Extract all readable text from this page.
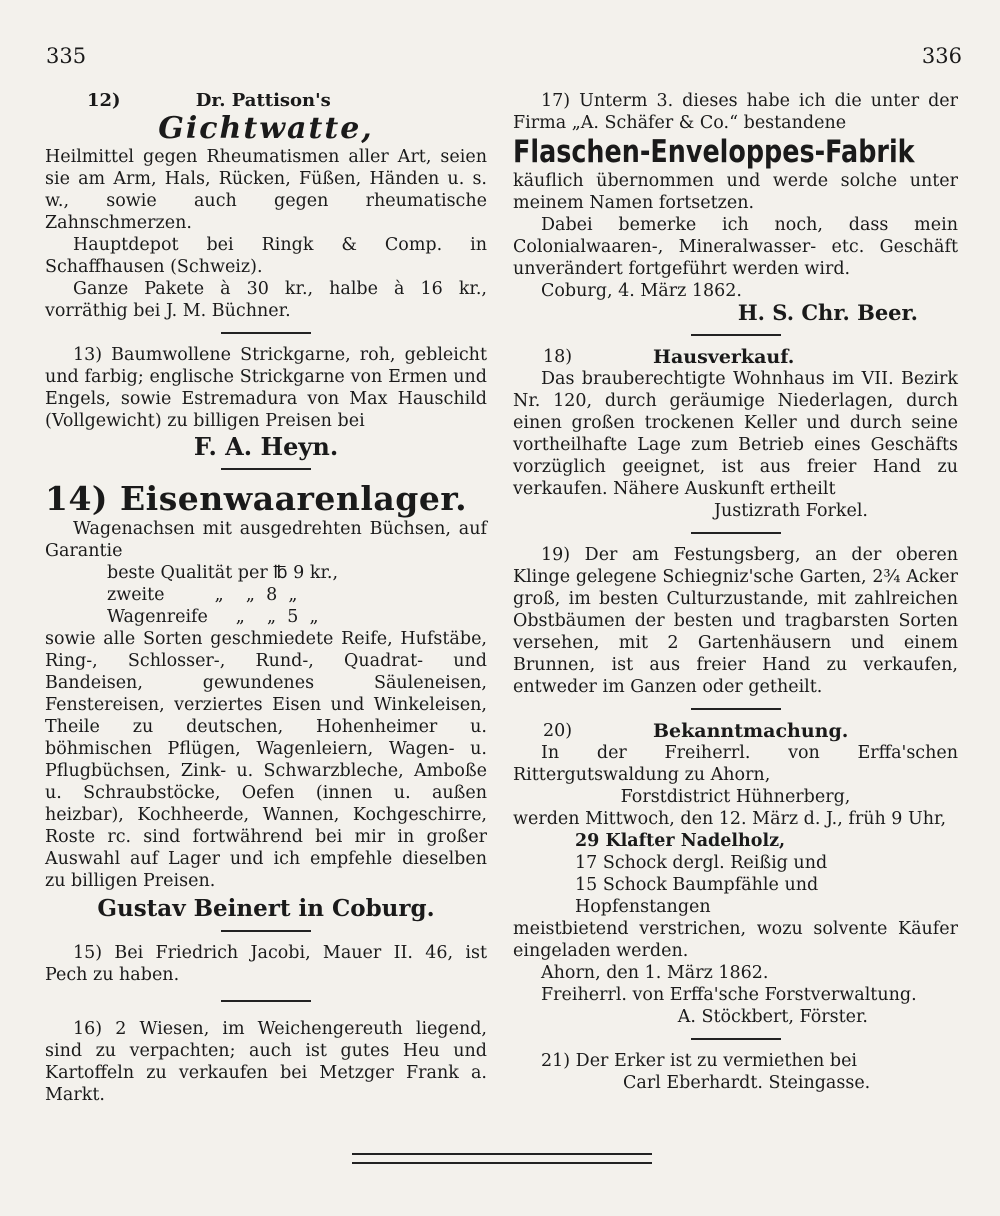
335	336
12)            Dr. Pattison's
Gichtwatte,
Heilmittel gegen Rheumatismen aller Art, seien sie am Arm, Hals, Rücken, Füßen, Händen u. s. w., sowie auch gegen rheumatische Zahnschmerzen.
Hauptdepot bei Ringk & Comp. in Schaffhausen (Schweiz).
Ganze Pakete à 30 kr., halbe à 16 kr., vorräthig bei J. M. Büchner.
13) Baumwollene Strickgarne, roh, gebleicht und farbig; englische Strickgarne von Ermen und Engels, sowie Estremadura von Max Hauschild (Vollgewicht) zu billigen Preisen bei
F. A. Heyn.
14) Eisenwaarenlager.
Wagenachsen mit ausgedrehten Büchsen, auf Garantie
beste Qualität per ℔ 9 kr.,
zweite         „    „  8  „
Wagenreife     „    „  5  „
sowie alle Sorten geschmiedete Reife, Hufstäbe, Ring-, Schlosser-, Rund-, Quadrat- und Bandeisen, gewundenes Säuleneisen, Fenstereisen, verziertes Eisen und Winkeleisen, Theile zu deutschen, Hohenheimer u. böhmischen Pflügen, Wagenleiern, Wagen- u. Pflugbüchsen, Zink- u. Schwarzbleche, Amboße u. Schraubstöcke, Oefen (innen u. außen heizbar), Kochheerde, Wannen, Kochgeschirre, Roste rc. sind fortwährend bei mir in großer Auswahl auf Lager und ich empfehle dieselben zu billigen Preisen.
Gustav Beinert in Coburg.
15) Bei Friedrich Jacobi, Mauer II. 46, ist Pech zu haben.
16) 2 Wiesen, im Weichengereuth liegend, sind zu verpachten; auch ist gutes Heu und Kartoffeln zu verkaufen bei Metzger Frank a. Markt.
17) Unterm 3. dieses habe ich die unter der Firma „A. Schäfer & Co.“ bestandene
Flaschen-Enveloppes-Fabrik
käuflich übernommen und werde solche unter meinem Namen fortsetzen.
Dabei bemerke ich noch, dass mein Colonialwaaren-, Mineralwasser- etc. Geschäft unverändert fortgeführt werden wird.
Coburg, 4. März 1862.
H. S. Chr. Beer.
18)	Hausverkauf.
Das brauberechtigte Wohnhaus im VII. Bezirk Nr. 120, durch geräumige Niederlagen, durch einen großen trockenen Keller und durch seine vortheilhafte Lage zum Betrieb eines Geschäfts vorzüglich geeignet, ist aus freier Hand zu verkaufen. Nähere Auskunft ertheilt
Justizrath Forkel.
19) Der am Festungsberg, an der oberen Klinge gelegene Schiegniz'sche Garten, 2¾ Acker groß, im besten Culturzustande, mit zahlreichen Obstbäumen der besten und tragbarsten Sorten versehen, mit 2 Gartenhäusern und einem Brunnen, ist aus freier Hand zu verkaufen, entweder im Ganzen oder getheilt.
20)	Bekanntmachung.
In der Freiherrl. von Erffa'schen Rittergutswaldung zu Ahorn,
Forstdistrict Hühnerberg,
werden Mittwoch, den 12. März d. J., früh 9 Uhr,
29 Klafter Nadelholz,
17 Schock dergl. Reißig und
15 Schock Baumpfähle und Hopfenstangen
meistbietend verstrichen, wozu solvente Käufer eingeladen werden.
Ahorn, den 1. März 1862.
Freiherrl. von Erffa'sche Forstverwaltung.
A. Stöckbert, Förster.
21) Der Erker ist zu vermiethen bei
Carl Eberhardt. Steingasse.
